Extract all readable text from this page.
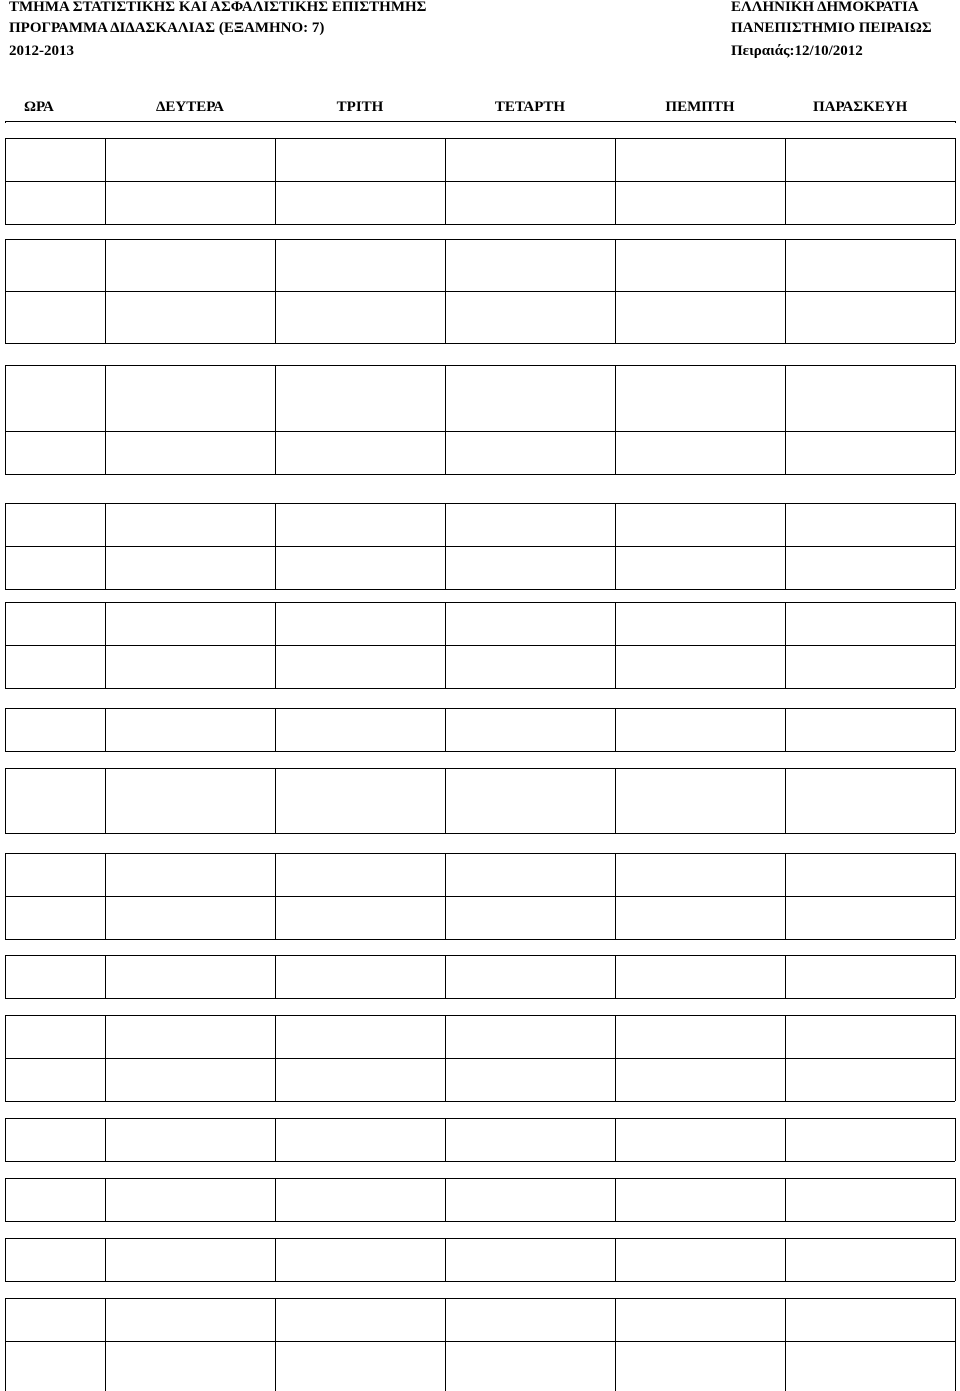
ΤΜΗΜΑ ΣΤΑΤΙΣΤΙΚΗΣ ΚΑΙ ΑΣΦΑΛΙΣΤΙΚΗΣ ΕΠΙΣΤΗΜΗΣ
ΠΡΟΓΡΑΜΜΑ ΔΙΔΑΣΚΑΛΙΑΣ (ΕΞΑΜΗΝΟ: 7)
2012-2013
ΕΛΛΗΝΙΚΗ ΔΗΜΟΚΡΑΤΙΑ
ΠΑΝΕΠΙΣΤΗΜΙΟ ΠΕΙΡΑΙΩΣ
Πειραιάς:12/10/2012
ΩΡΑ	ΔΕΥΤΕΡΑ	ΤΡΙΤΗ	ΤΕΤΑΡΤΗ	ΠΕΜΠΤΗ	ΠΑΡΑΣΚΕΥΗ
